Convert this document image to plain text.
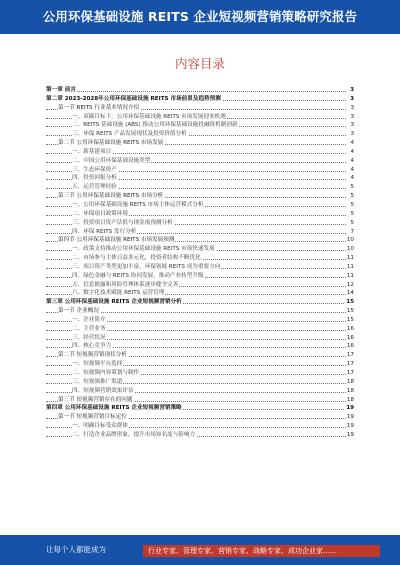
公用环保基础设施 REITS 企业短视频营销策略研究报告
内容目录
第一章 前言	3
第二章 2023-2028年公用环保基础设施 REITS 市场前景及趋势预测	3
第一节 REITS 行业基本情况介绍	3
一、双碳目标下，公用环保基础设施 REITS 市场发展迎来机遇	3
二、REITS 基础设施 (ABS) 推动公用环保基础设施投融资机制创新	3
三、环保 REITS 产品发展现状及投资价值分析	3
第二节 公用环保基础设施 REITS 市场发展	4
一、新基建项目	4
二、中国公用环保基础设施类型	4
三、生态环保资产	4
四、投资回报分析	4
五、运营管理经验	5
第三节 公用环保基础设施 REITS 市场分析	5
一、公用环保基础设施 REITS 市场主体运营模式分析	5
二、环保项目政策环境	5
三、投资项目资产估值与现金流预测分析	5
四、环保 REITS 发行分析	7
第四节 公用环保基础设施 REITS 市场发展预测	10
一、政策支持推动公用环保基础设施 REITS 市场快速发展	10
二、市场参与主体日益多元化，投资者结构不断优化	11
三、项目资产类型更加丰富，环保领域 REITS 成为重要方向	11
四、绿色金融与 REITS 协同发展，推动产业转型升级	11
五、信息披露和风险管理体系逐步健全完善	12
六、数字化技术赋能 REITS 运营管理	14
第三章 公用环保基础设施 REITS 企业短视频营销分析	15
第一节 企业概况	15
一、企业简介	15
二、主营业务	16
三、经营状况	16
四、核心竞争力	16
第二节 短视频营销现状分析	17
一、短视频平台选择	17
二、短视频内容策划与制作	17
三、短视频推广渠道	18
四、短视频营销效果评估	18
第三节 短视频营销存在的问题	18
第四章 公用环保基础设施 REITS 企业短视频营销策略	19
第一节 短视频营销目标定位	19
一、明确目标受众群体	19
二、打造企业品牌形象，提升市场知名度与影响力	19
让每个人都能成为	行业专家、管理专家、营销专家、战略专家、成功企业家……
